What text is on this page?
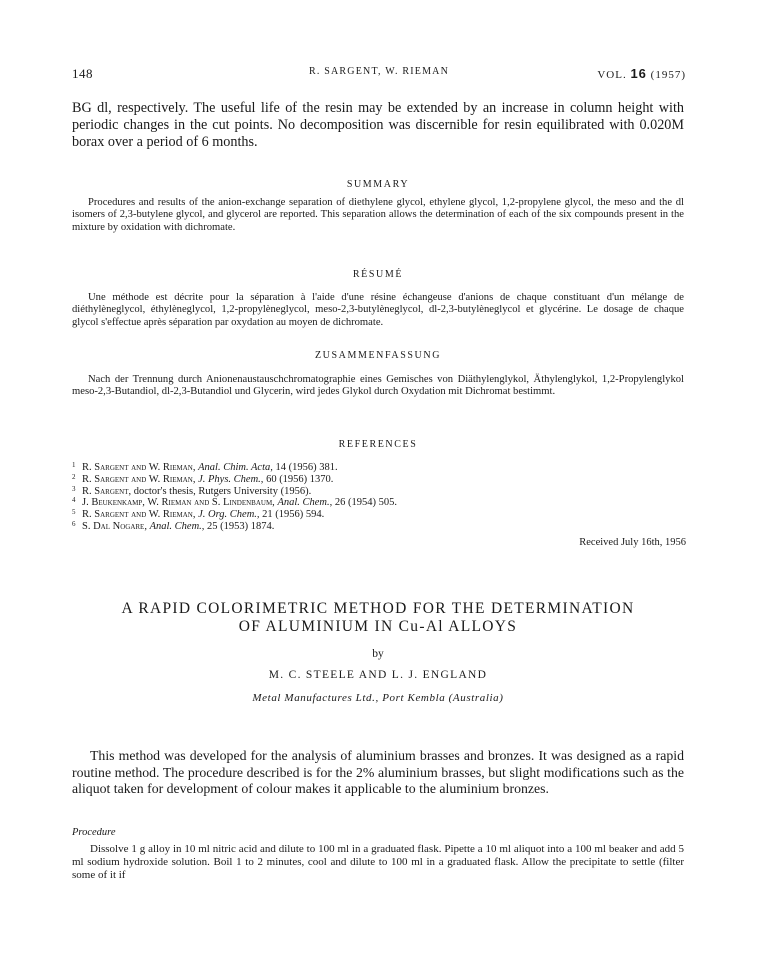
148	R. SARGENT, W. RIEMAN	VOL. 16 (1957)
BG dl, respectively. The useful life of the resin may be extended by an increase in column height with periodic changes in the cut points. No decomposition was discernible for resin equilibrated with 0.020M borax over a period of 6 months.
SUMMARY
Procedures and results of the anion-exchange separation of diethylene glycol, ethylene glycol, 1,2-propylene glycol, the meso and the dl isomers of 2,3-butylene glycol, and glycerol are reported. This separation allows the determination of each of the six compounds present in the mixture by oxidation with dichromate.
RÉSUMÉ
Une méthode est décrite pour la séparation à l'aide d'une résine échangeuse d'anions de chaque constituant d'un mélange de diéthylèneglycol, éthylèneglycol, 1,2-propylèneglycol, meso-2,3-butylèneglycol, dl-2,3-butylèneglycol et glycérine. Le dosage de chaque glycol s'effectue après séparation par oxydation au moyen de dichromate.
ZUSAMMENFASSUNG
Nach der Trennung durch Anionenaustauschchromatographie eines Gemisches von Diäthylenglykol, Äthylenglykol, 1,2-Propylenglykol meso-2,3-Butandiol, dl-2,3-Butandiol und Glycerin, wird jedes Glykol durch Oxydation mit Dichromat bestimmt.
REFERENCES
1 R. Sargent and W. Rieman, Anal. Chim. Acta, 14 (1956) 381.
2 R. Sargent and W. Rieman, J. Phys. Chem., 60 (1956) 1370.
3 R. Sargent, doctor's thesis, Rutgers University (1956).
4 J. Beukenkamp, W. Rieman and S. Lindenbaum, Anal. Chem., 26 (1954) 505.
5 R. Sargent and W. Rieman, J. Org. Chem., 21 (1956) 594.
6 S. Dal Nogare, Anal. Chem., 25 (1953) 1874.
Received July 16th, 1956
A RAPID COLORIMETRIC METHOD FOR THE DETERMINATION
OF ALUMINIUM IN Cu-Al ALLOYS
by
M. C. STEELE AND L. J. ENGLAND
Metal Manufactures Ltd., Port Kembla (Australia)
This method was developed for the analysis of aluminium brasses and bronzes. It was designed as a rapid routine method. The procedure described is for the 2% aluminium brasses, but slight modifications such as the aliquot taken for development of colour makes it applicable to the aluminium bronzes.
Procedure
Dissolve 1 g alloy in 10 ml nitric acid and dilute to 100 ml in a graduated flask. Pipette a 10 ml aliquot into a 100 ml beaker and add 5 ml sodium hydroxide solution. Boil 1 to 2 minutes, cool and dilute to 100 ml in a graduated flask. Allow the precipitate to settle (filter some of it if
